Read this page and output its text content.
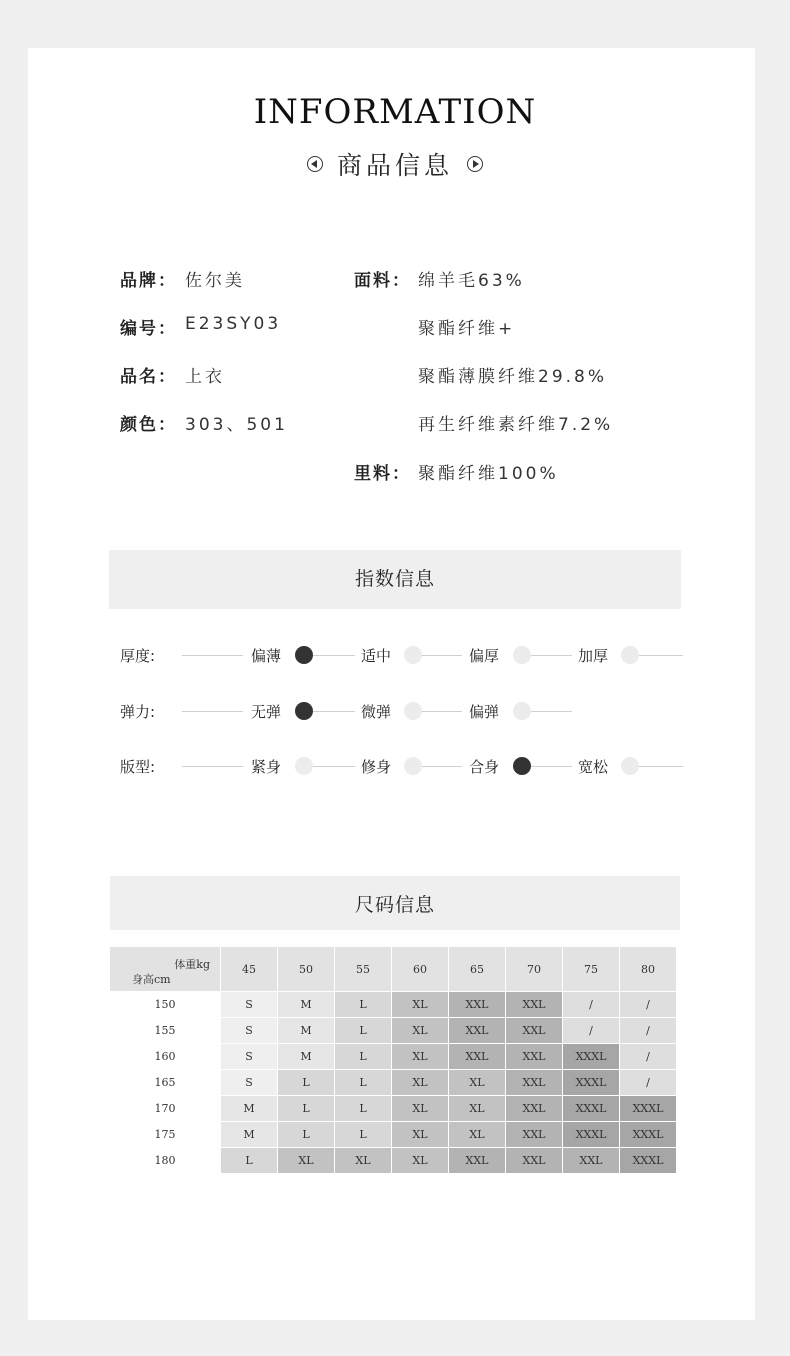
INFORMATION
商品信息
品牌： 佐尔美
编号： E23SY03
品名： 上衣
颜色： 303、501
面料： 绵羊毛63%
聚酯纤维+
聚酯薄膜纤维29.8%
再生纤维素纤维7.2%
里料： 聚酯纤维100%
指数信息
厚度:	偏薄	适中	偏厚	加厚
弹力:	无弹	微弹	偏弹
版型:	紧身	修身	合身	宽松
尺码信息
体重kg
身高cm	45	50	55	60	65	70	75	80
150	S	M	L	XL	XXL	XXL	/	/
155	S	M	L	XL	XXL	XXL	/	/
160	S	M	L	XL	XXL	XXL	XXXL	/
165	S	L	L	XL	XL	XXL	XXXL	/
170	M	L	L	XL	XL	XXL	XXXL	XXXL
175	M	L	L	XL	XL	XXL	XXXL	XXXL
180	L	XL	XL	XL	XXL	XXL	XXL	XXXL
